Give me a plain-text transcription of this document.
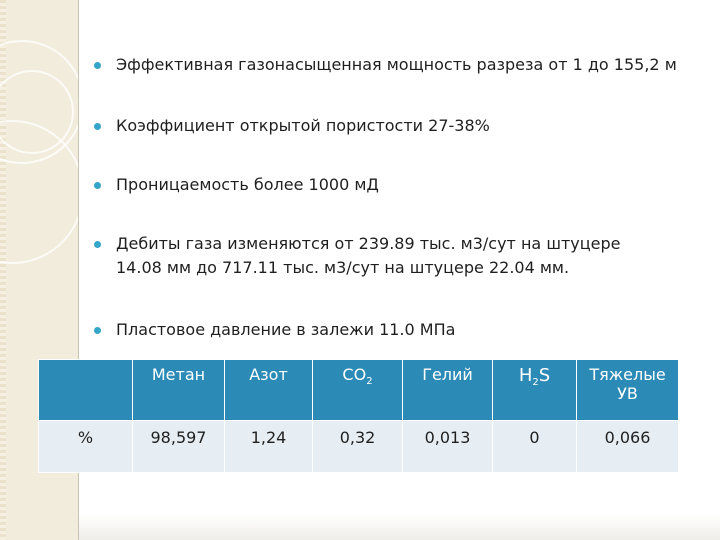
Эффективная газонасыщенная мощность разреза от 1 до 155,2 м
Коэффициент открытой пористости 27-38%
Проницаемость более 1000 мД
Дебиты газа изменяются от 239.89 тыс. м3/сут на штуцере 14.08 мм до 717.11 тыс. м3/сут на штуцере 22.04 мм.
Пластовое давление в залежи 11.0 МПа
	Метан	Азот	$CO_2$	Гелий	$H_2S$	Тяжелые
УВ

%	98,597	1,24	0,32	0,013	0	0,066
